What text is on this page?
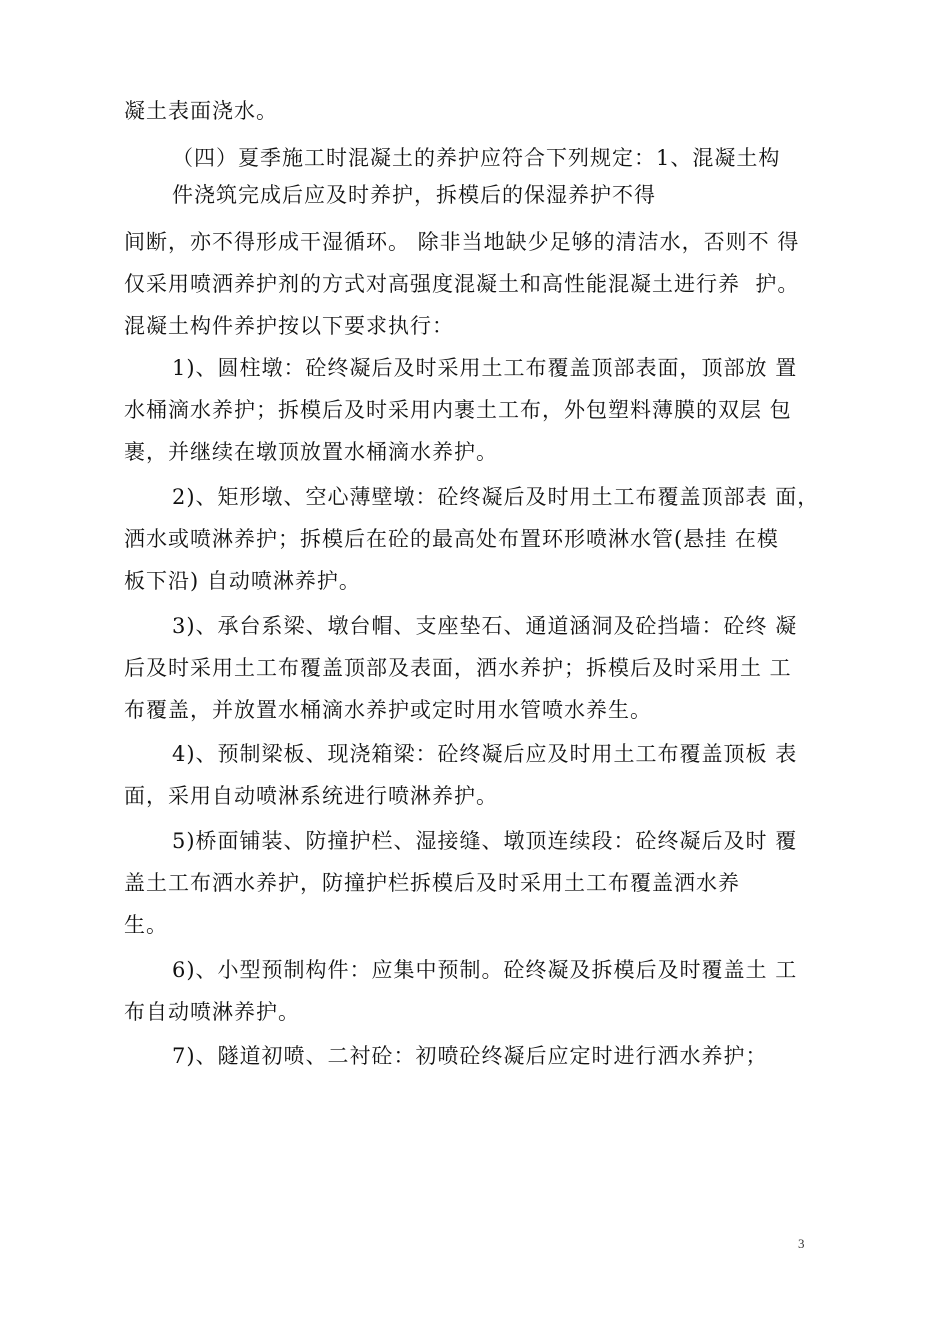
凝土表面浇水。
（四）夏季施工时混凝土的养护应符合下列规定：1、混凝土构
件浇筑完成后应及时养护，拆模后的保湿养护不得
间断，亦不得形成干湿循环。 除非当地缺少足够的清洁水，否则不 得
仅采用喷洒养护剂的方式对高强度混凝土和高性能混凝土进行养  护。
混凝土构件养护按以下要求执行：
1)、圆柱墩：砼终凝后及时采用土工布覆盖顶部表面，顶部放 置
水桶滴水养护；拆模后及时采用内裹土工布，外包塑料薄膜的双层 包
裹，并继续在墩顶放置水桶滴水养护。
2)、矩形墩、空心薄壁墩：砼终凝后及时用土工布覆盖顶部表 面，
洒水或喷淋养护；拆模后在砼的最高处布置环形喷淋水管(悬挂 在模
板下沿) 自动喷淋养护。
3)、承台系梁、墩台帽、支座垫石、通道涵洞及砼挡墙：砼终 凝
后及时采用土工布覆盖顶部及表面，洒水养护；拆模后及时采用土 工
布覆盖，并放置水桶滴水养护或定时用水管喷水养生。
4)、预制梁板、现浇箱梁：砼终凝后应及时用土工布覆盖顶板 表
面，采用自动喷淋系统进行喷淋养护。
5)桥面铺装、防撞护栏、湿接缝、墩顶连续段：砼终凝后及时 覆
盖土工布洒水养护，防撞护栏拆模后及时采用土工布覆盖洒水养
生。
6)、小型预制构件：应集中预制。砼终凝及拆模后及时覆盖土 工
布自动喷淋养护。
7)、隧道初喷、二衬砼：初喷砼终凝后应定时进行洒水养护；
3
